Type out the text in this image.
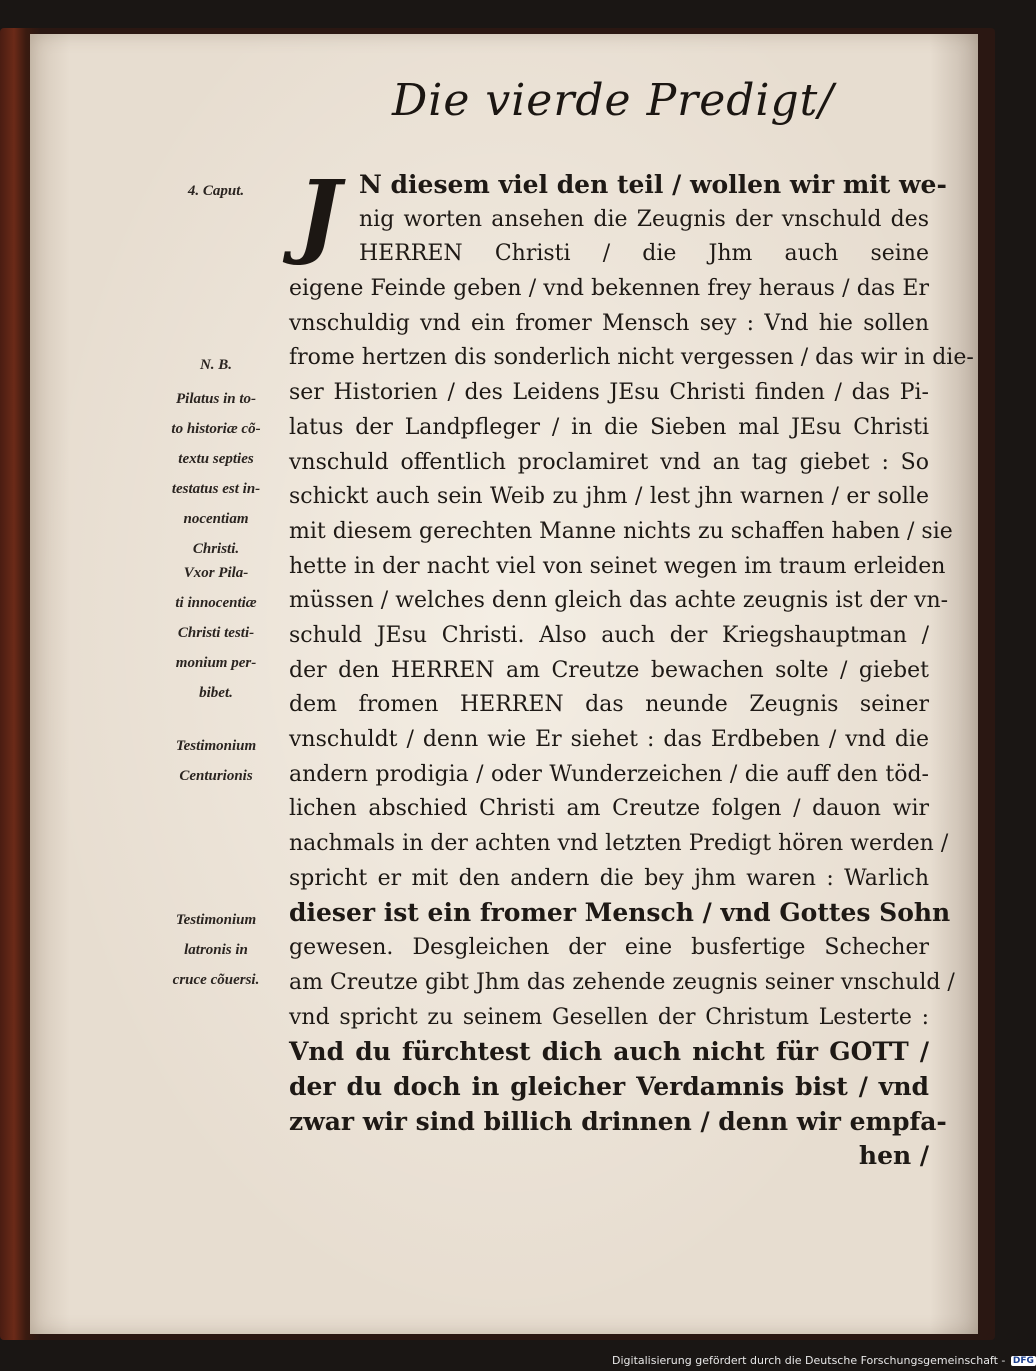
Die vierde Predigt/
J
4. Caput.
N. B.
Pilatus in to-
to historiæ cõ-
textu septies
testatus est in-
nocentiam
Christi.
Vxor Pila-
ti innocentiæ
Christi testi-
monium per-
bibet.
Testimonium
Centurionis
Testimonium
latronis in
cruce cõuersi.
N diesem viel den teil / wollen wir mit we-
nig worten ansehen die Zeugnis der vnschuld des
HERREN Christi / die Jhm auch seine
eigene Feinde geben / vnd bekennen frey heraus / das Er
vnschuldig vnd ein fromer Mensch sey : Vnd hie sollen
frome hertzen dis sonderlich nicht vergessen / das wir in die-
ser Historien / des Leidens JEsu Christi finden / das Pi-
latus der Landpfleger / in die Sieben mal JEsu Christi
vnschuld offentlich proclamiret vnd an tag giebet : So
schickt auch sein Weib zu jhm / lest jhn warnen / er solle
mit diesem gerechten Manne nichts zu schaffen haben / sie
hette in der nacht viel von seinet wegen im traum erleiden
müssen / welches denn gleich das achte zeugnis ist der vn-
schuld JEsu Christi. Also auch der Kriegshauptman /
der den HERREN am Creutze bewachen solte / giebet
dem fromen HERREN das neunde Zeugnis seiner
vnschuldt / denn wie Er siehet : das Erdbeben / vnd die
andern prodigia / oder Wunderzeichen / die auff den töd-
lichen abschied Christi am Creutze folgen / dauon wir
nachmals in der achten vnd letzten Predigt hören werden /
spricht er mit den andern die bey jhm waren : Warlich
dieser ist ein fromer Mensch / vnd Gottes Sohn
gewesen. Desgleichen der eine busfertige Schecher
am Creutze gibt Jhm das zehende zeugnis seiner vnschuld /
vnd spricht zu seinem Gesellen der Christum Lesterte :
Vnd du fürchtest dich auch nicht für GOTT /
der du doch in gleicher Verdamnis bist / vnd
zwar wir sind billich drinnen / denn wir empfa-
hen /
Digitalisierung gefördert durch die Deutsche Forschungsgemeinschaft - DFG
